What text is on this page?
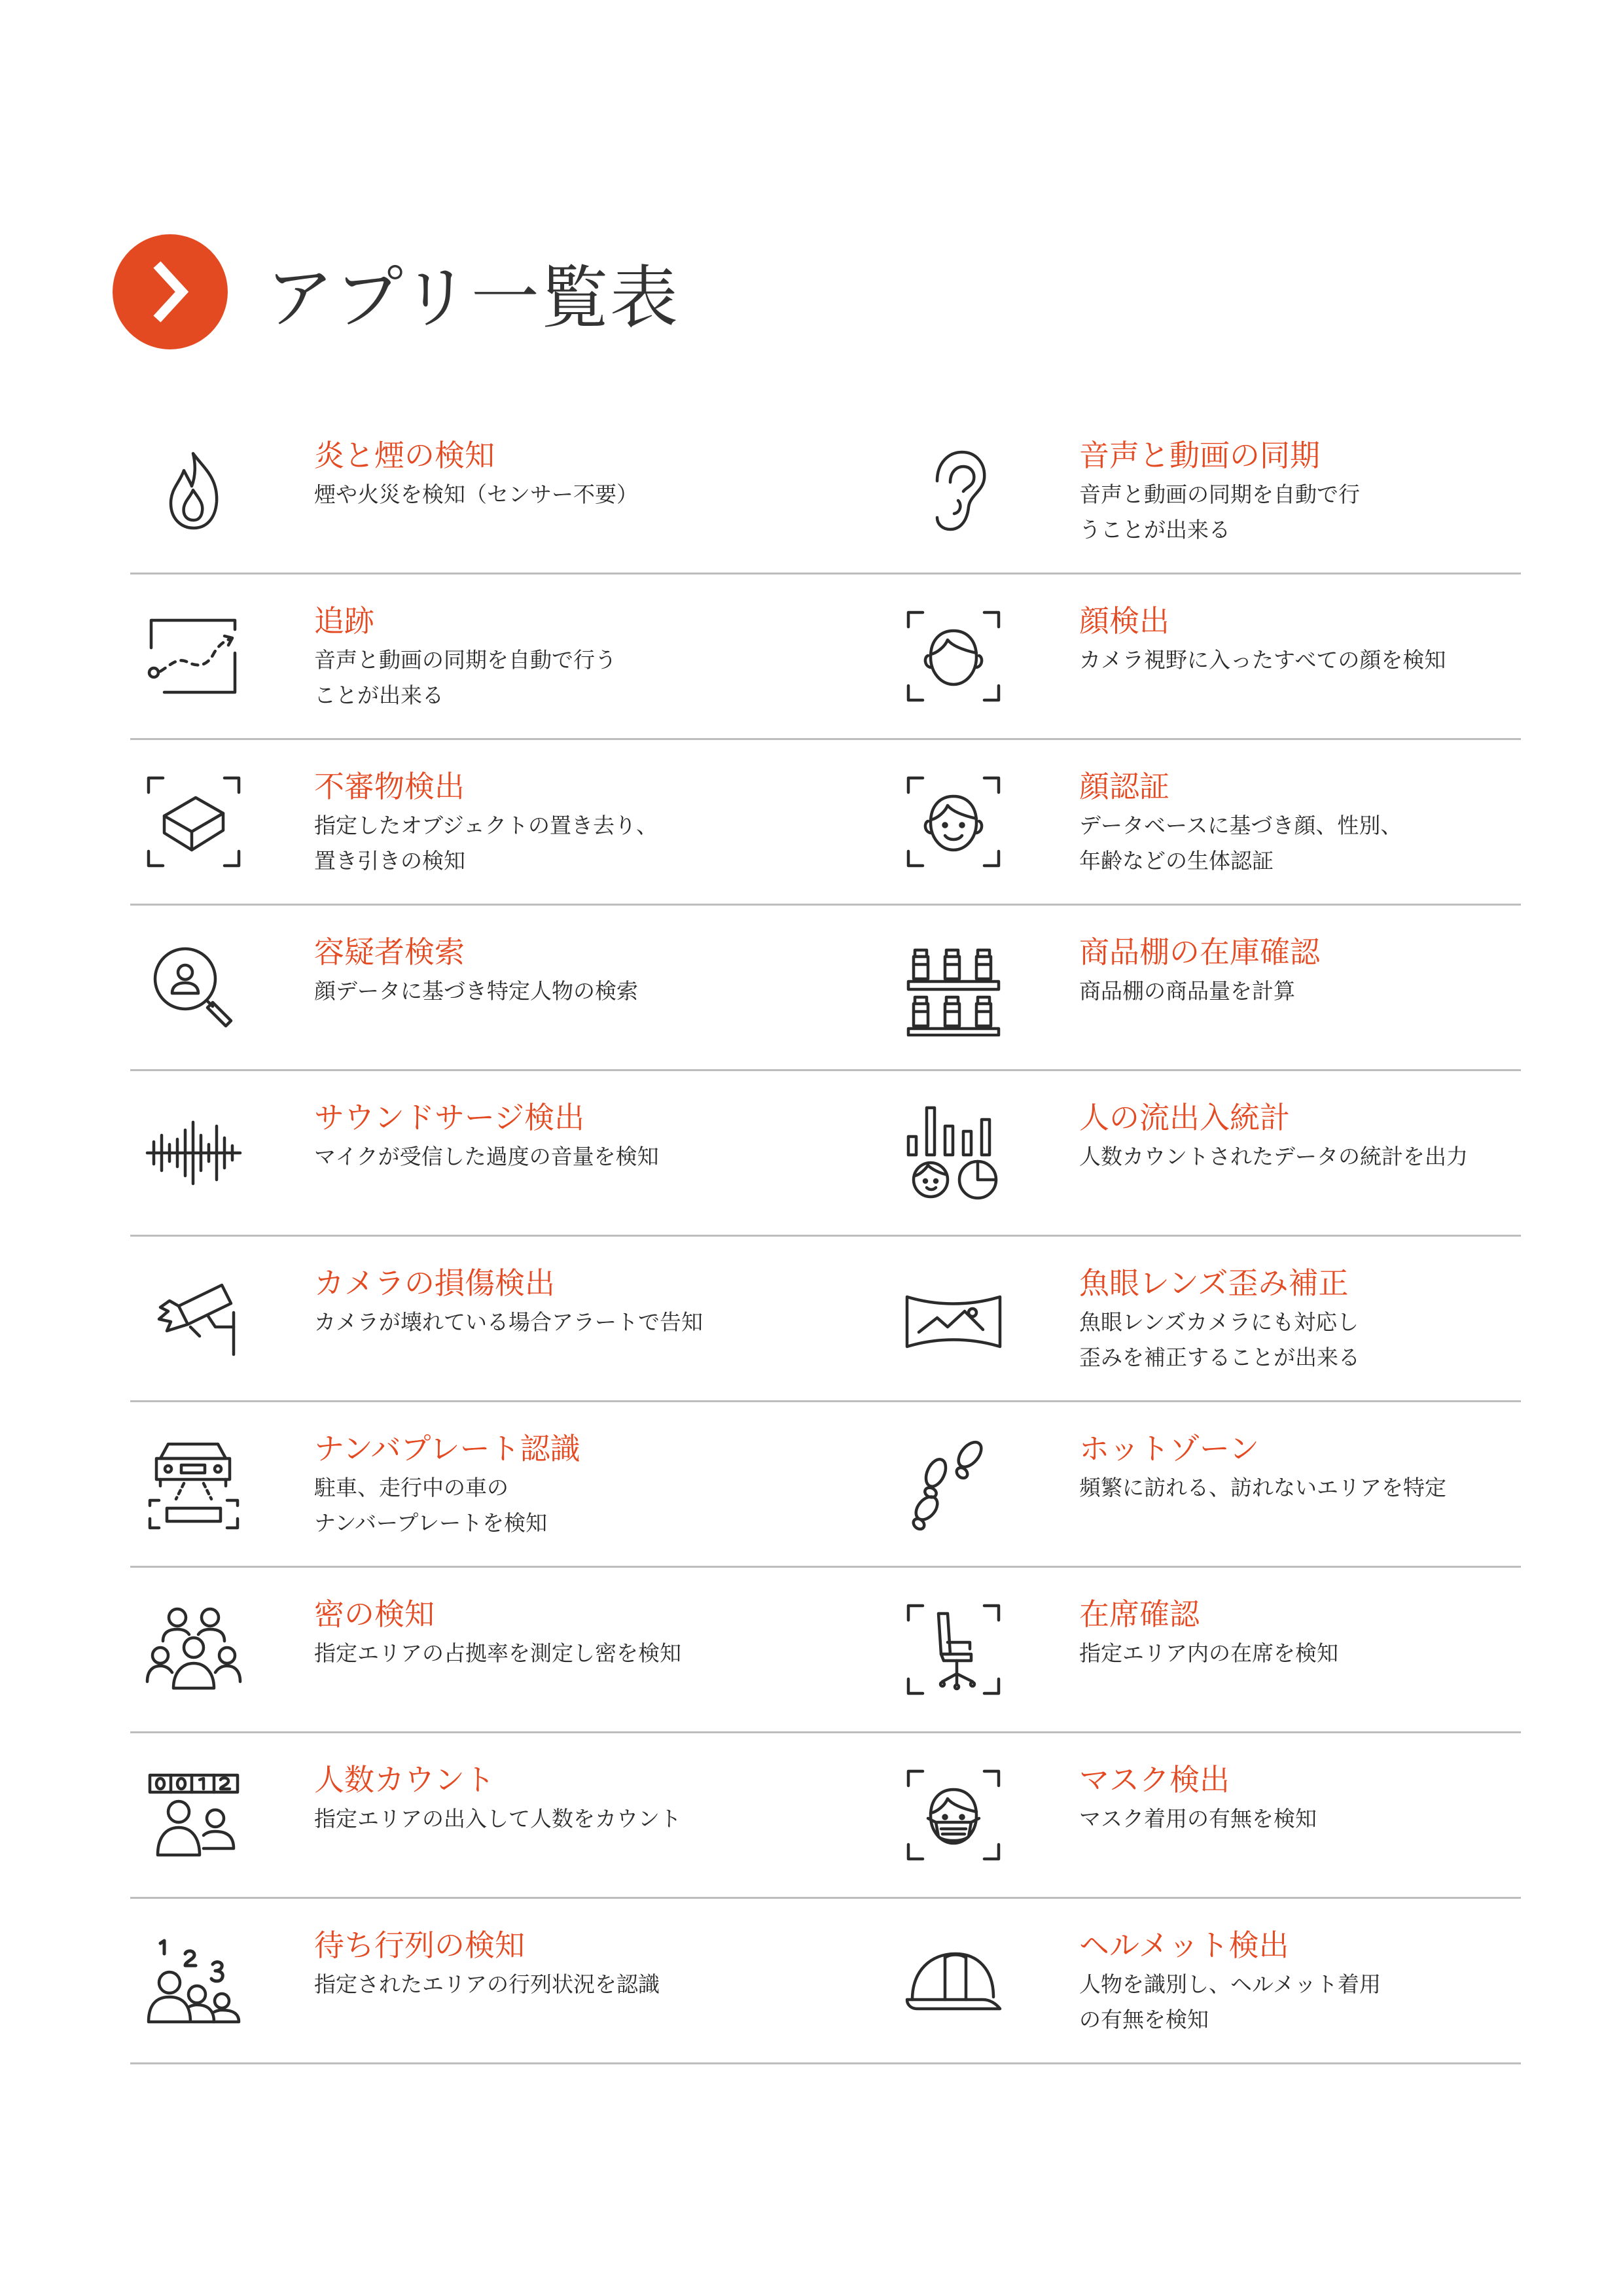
アプリ一覧表
炎と煙の検知
煙や火災を検知（センサー不要）
音声と動画の同期
音声と動画の同期を自動で行
うことが出来る
追跡
音声と動画の同期を自動で行う
ことが出来る
顔検出
カメラ視野に入ったすべての顔を検知
不審物検出
指定したオブジェクトの置き去り、
置き引きの検知
顔認証
データベースに基づき顔、性別、
年齢などの生体認証
容疑者検索
顔データに基づき特定人物の検索
商品棚の在庫確認
商品棚の商品量を計算
サウンドサージ検出
マイクが受信した過度の音量を検知
人の流出入統計
人数カウントされたデータの統計を出力
カメラの損傷検出
カメラが壊れている場合アラートで告知
魚眼レンズ歪み補正
魚眼レンズカメラにも対応し
歪みを補正することが出来る
ナンバプレート認識
駐車、走行中の車の
ナンバープレートを検知
ホットゾーン
頻繁に訪れる、訪れないエリアを特定
密の検知
指定エリアの占拠率を測定し密を検知
在席確認
指定エリア内の在席を検知
人数カウント
指定エリアの出入して人数をカウント
マスク検出
マスク着用の有無を検知
待ち行列の検知
指定されたエリアの行列状況を認識
ヘルメット検出
人物を識別し、ヘルメット着用
の有無を検知
